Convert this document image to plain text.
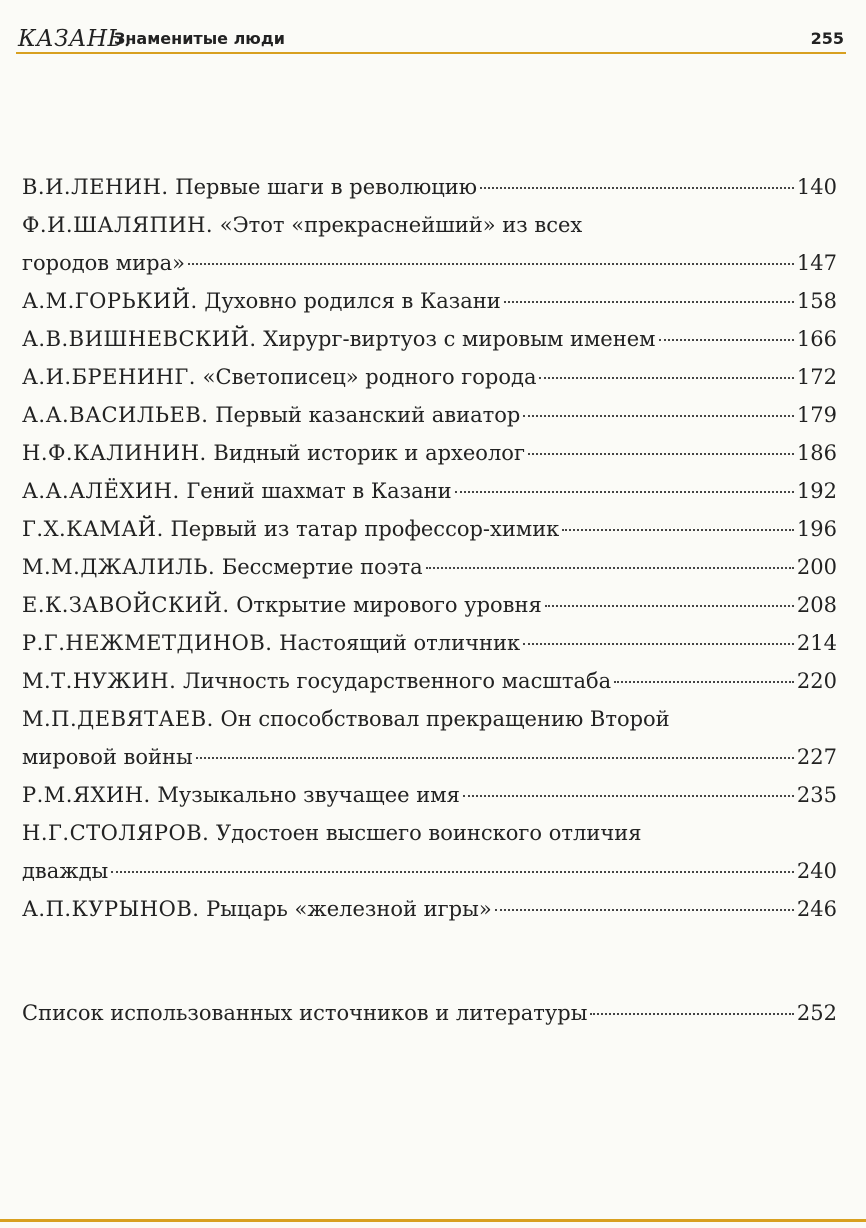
КАЗАНЬ.
Знаменитые люди	255
В.И.ЛЕНИН. Первые шаги в революцию	140
Ф.И.ШАЛЯПИН. «Этот «прекраснейший» из всех
городов мира»	147
А.М.ГОРЬКИЙ. Духовно родился в Казани	158
А.В.ВИШНЕВСКИЙ. Хирург-виртуоз с мировым именем	166
А.И.БРЕНИНГ. «Светописец» родного города	172
А.А.ВАСИЛЬЕВ. Первый казанский авиатор	179
Н.Ф.КАЛИНИН. Видный историк и археолог	186
А.А.АЛЁХИН. Гений шахмат в Казани	192
Г.Х.КАМАЙ. Первый из татар профессор-химик	196
М.М.ДЖАЛИЛЬ. Бессмертие поэта	200
Е.К.ЗАВОЙСКИЙ. Открытие мирового уровня	208
Р.Г.НЕЖМЕТДИНОВ. Настоящий отличник	214
М.Т.НУЖИН. Личность государственного масштаба	220
М.П.ДЕВЯТАЕВ. Он способствовал прекращению Второй
мировой войны	227
Р.М.ЯХИН. Музыкально звучащее имя	235
Н.Г.СТОЛЯРОВ. Удостоен высшего воинского отличия
дважды	240
А.П.КУРЫНОВ. Рыцарь «железной игры»	246
Список использованных источников и литературы	252
